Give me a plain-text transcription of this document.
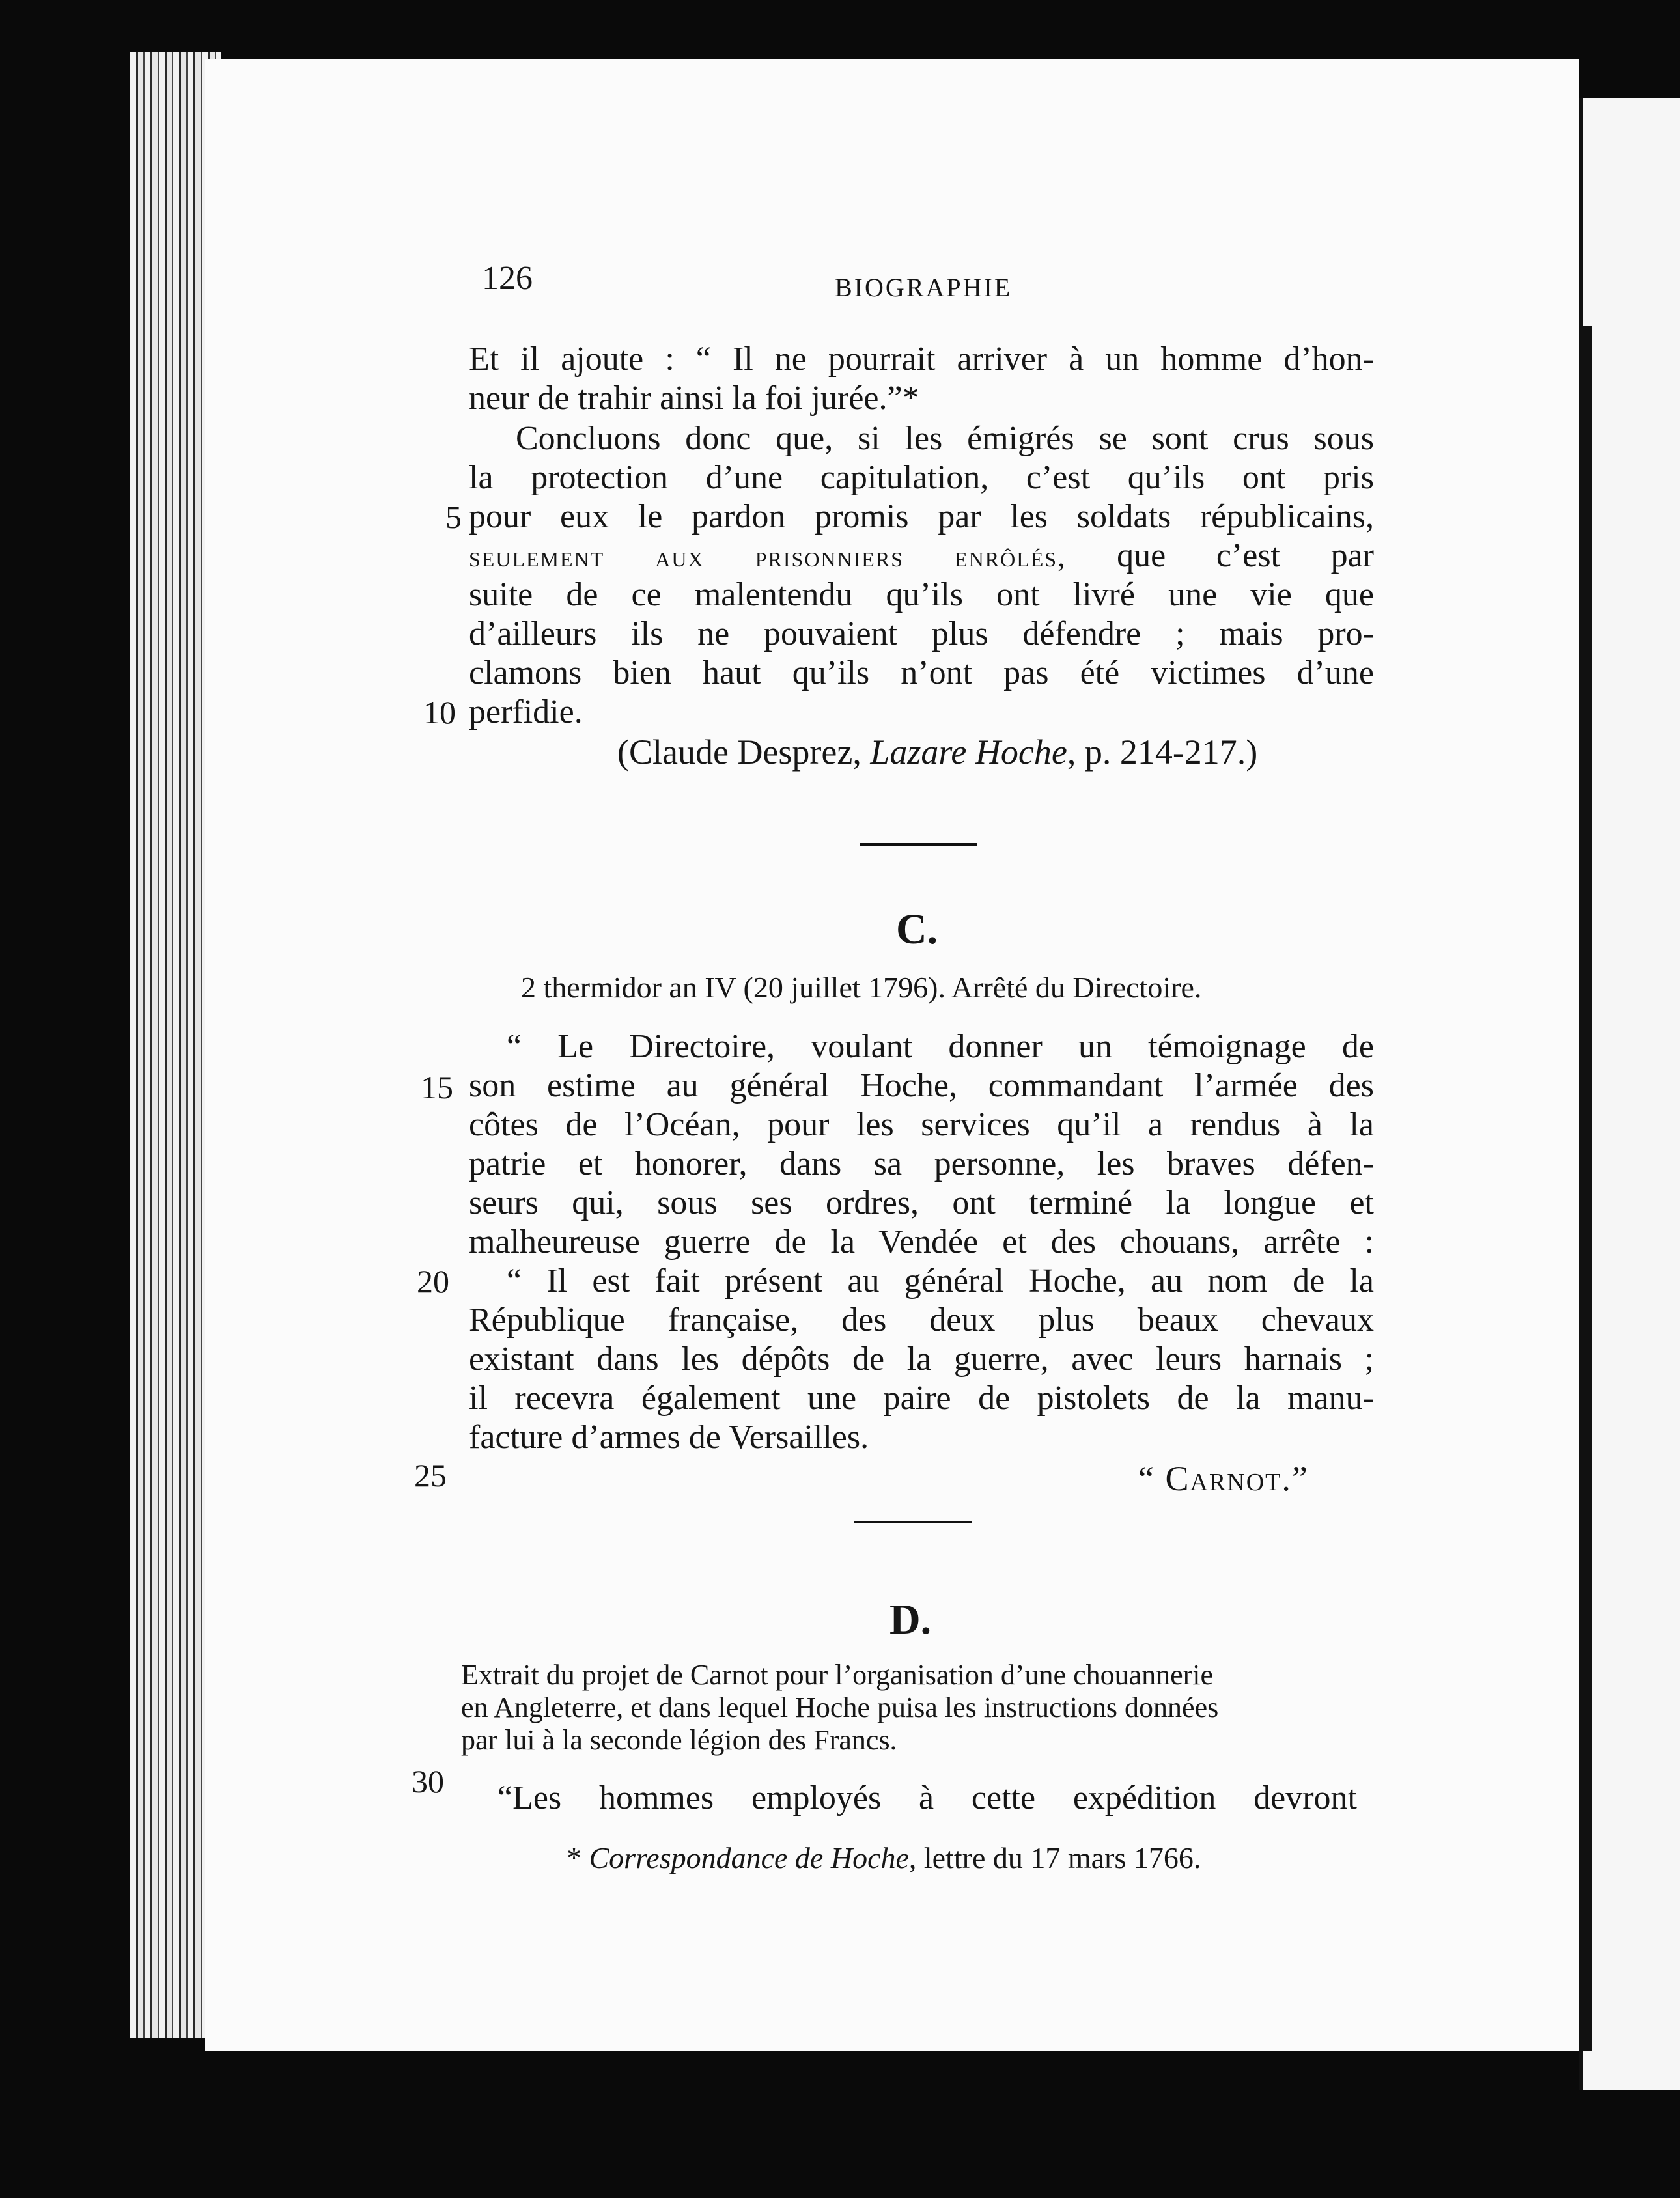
126	BIOGRAPHIE
Et il ajoute : “ Il ne pourrait arriver à un homme d’hon-
neur de trahir ainsi la foi jurée.”*
Concluons donc que, si les émigrés se sont crus sous
la protection d’une capitulation, c’est qu’ils ont pris
pour eux le pardon promis par les soldats républicains,
seulement aux prisonniers enrôlés, que c’est par
suite de ce malentendu qu’ils ont livré une vie que
d’ailleurs ils ne pouvaient plus défendre ; mais pro-
clamons bien haut qu’ils n’ont pas été victimes d’une
perfidie.
(Claude Desprez, Lazare Hoche, p. 214-217.)
C.
2 thermidor an IV (20 juillet 1796). Arrêté du Directoire.
“ Le Directoire, voulant donner un témoignage de
son estime au général Hoche, commandant l’armée des
côtes de l’Océan, pour les services qu’il a rendus à la
patrie et honorer, dans sa personne, les braves défen-
seurs qui, sous ses ordres, ont terminé la longue et
malheureuse guerre de la Vendée et des chouans, arrête :
“ Il est fait présent au général Hoche, au nom de la
République française, des deux plus beaux chevaux
existant dans les dépôts de la guerre, avec leurs harnais ;
il recevra également une paire de pistolets de la manu-
facture d’armes de Versailles.
“ Carnot.”
D.
Extrait du projet de Carnot pour l’organisation d’une chouannerie
en Angleterre, et dans lequel Hoche puisa les instructions données
par lui à la seconde légion des Francs.
“Les hommes employés à cette expédition devront
* Correspondance de Hoche, lettre du 17 mars 1766.
5
10
15
20
25
30
